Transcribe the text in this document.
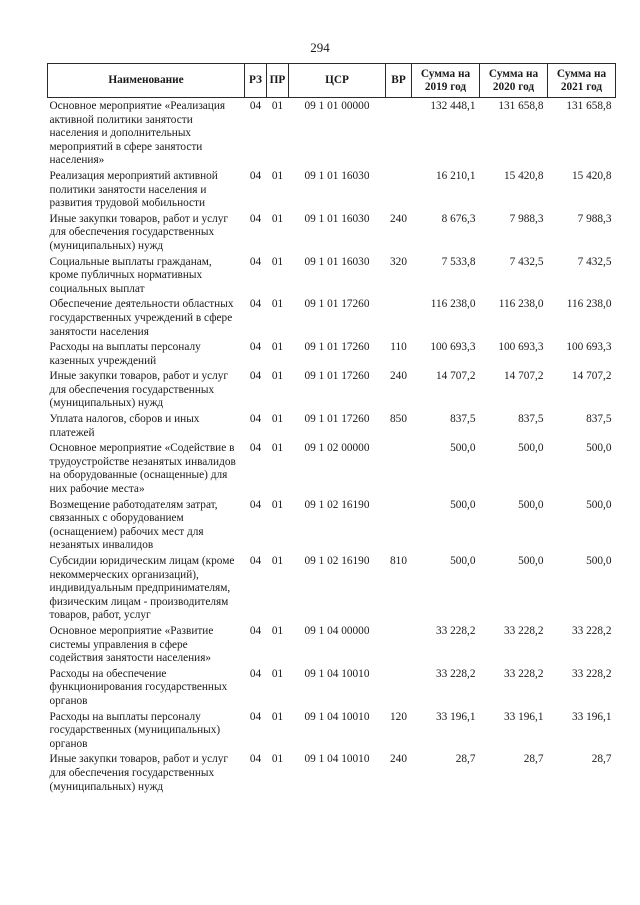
294
Наименование	РЗ	ПР	ЦСР	ВР	Сумма на 2019 год	Сумма на 2020 год	Сумма на 2021 год
Основное мероприятие «Реализация активной политики занятости населения и дополнительных мероприятий в сфере занятости населения»	04	01	09 1 01 00000		132 448,1	131 658,8	131 658,8
Реализация мероприятий активной политики занятости населения и развития трудовой мобильности	04	01	09 1 01 16030		16 210,1	15 420,8	15 420,8
Иные закупки товаров, работ и услуг для обеспечения государственных (муниципальных) нужд	04	01	09 1 01 16030	240	8 676,3	7 988,3	7 988,3
Социальные выплаты гражданам, кроме публичных нормативных социальных выплат	04	01	09 1 01 16030	320	7 533,8	7 432,5	7 432,5
Обеспечение деятельности областных государственных учреждений в сфере занятости населения	04	01	09 1 01 17260		116 238,0	116 238,0	116 238,0
Расходы на выплаты персоналу казенных учреждений	04	01	09 1 01 17260	110	100 693,3	100 693,3	100 693,3
Иные закупки товаров, работ и услуг для обеспечения государственных (муниципальных) нужд	04	01	09 1 01 17260	240	14 707,2	14 707,2	14 707,2
Уплата налогов, сборов и иных платежей	04	01	09 1 01 17260	850	837,5	837,5	837,5
Основное мероприятие «Содействие в трудоустройстве незанятых инвалидов на оборудованные (оснащенные) для них рабочие места»	04	01	09 1 02 00000		500,0	500,0	500,0
Возмещение работодателям затрат, связанных с оборудованием (оснащением) рабочих мест для незанятых инвалидов	04	01	09 1 02 16190		500,0	500,0	500,0
Субсидии юридическим лицам (кроме некоммерческих организаций), индивидуальным предпринимателям, физическим лицам - производителям товаров, работ, услуг	04	01	09 1 02 16190	810	500,0	500,0	500,0
Основное мероприятие «Развитие системы управления в сфере содействия занятости населения»	04	01	09 1 04 00000		33 228,2	33 228,2	33 228,2
Расходы на обеспечение функционирования государственных органов	04	01	09 1 04 10010		33 228,2	33 228,2	33 228,2
Расходы на выплаты персоналу государственных (муниципальных) органов	04	01	09 1 04 10010	120	33 196,1	33 196,1	33 196,1
Иные закупки товаров, работ и услуг для обеспечения государственных (муниципальных) нужд	04	01	09 1 04 10010	240	28,7	28,7	28,7
